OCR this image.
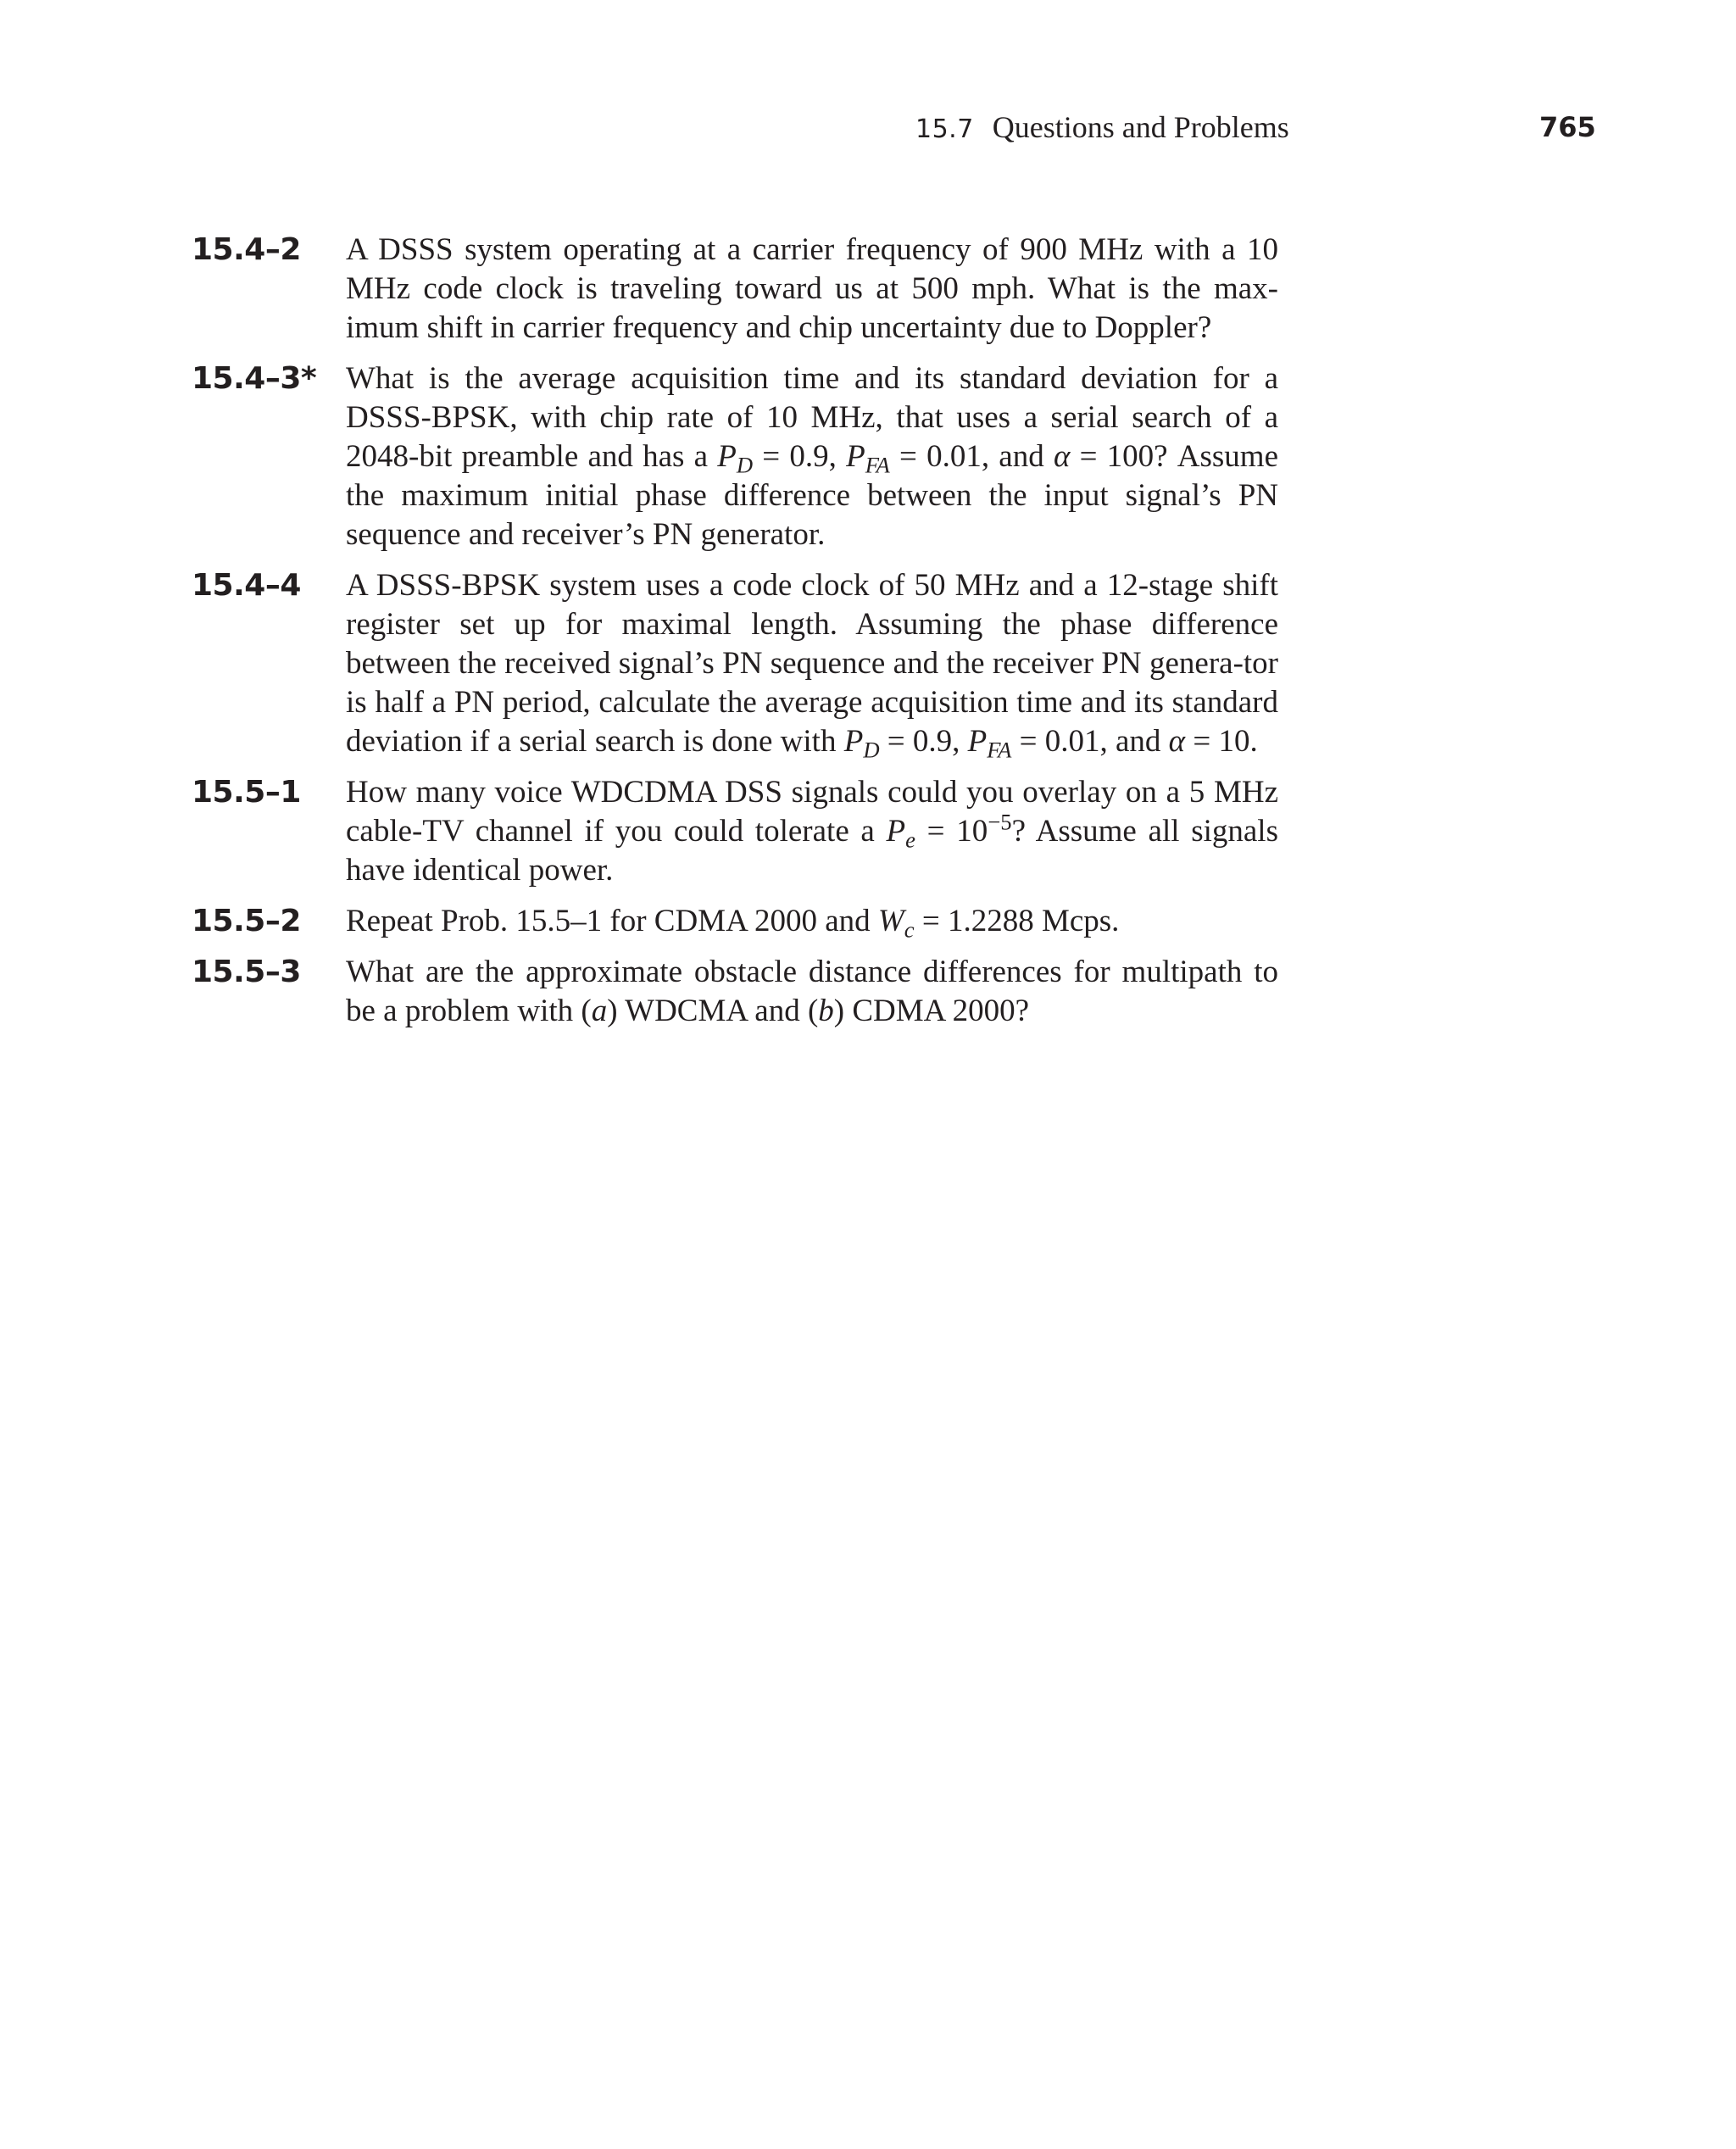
15.7 Questions and Problems	765
15.4–2 A DSSS system operating at a carrier frequency of 900 MHz with a 10 MHz code clock is traveling toward us at 500 mph. What is the max-imum shift in carrier frequency and chip uncertainty due to Doppler?
15.4–3* What is the average acquisition time and its standard deviation for a DSSS-BPSK, with chip rate of 10 MHz, that uses a serial search of a 2048-bit preamble and has a $P_D = 0.9$, $P_{FA} = 0.01$, and α = 100? Assume the maximum initial phase difference between the input signal’s PN sequence and receiver’s PN generator.
15.4–4 A DSSS-BPSK system uses a code clock of 50 MHz and a 12-stage shift register set up for maximal length. Assuming the phase difference between the received signal’s PN sequence and the receiver PN genera-tor is half a PN period, calculate the average acquisition time and its standard deviation if a serial search is done with $P_D = 0.9$, $P_{FA} = 0.01$, and α = 10.
15.5–1 How many voice WDCDMA DSS signals could you overlay on a 5 MHz cable-TV channel if you could tolerate a $P_e = 10^{-5}$? Assume all signals have identical power.
15.5–2 Repeat Prob. 15.5–1 for CDMA 2000 and $W_c = 1.2288$ Mcps.
15.5–3 What are the approximate obstacle distance differences for multipath to be a problem with (a) WDCMA and (b) CDMA 2000?
